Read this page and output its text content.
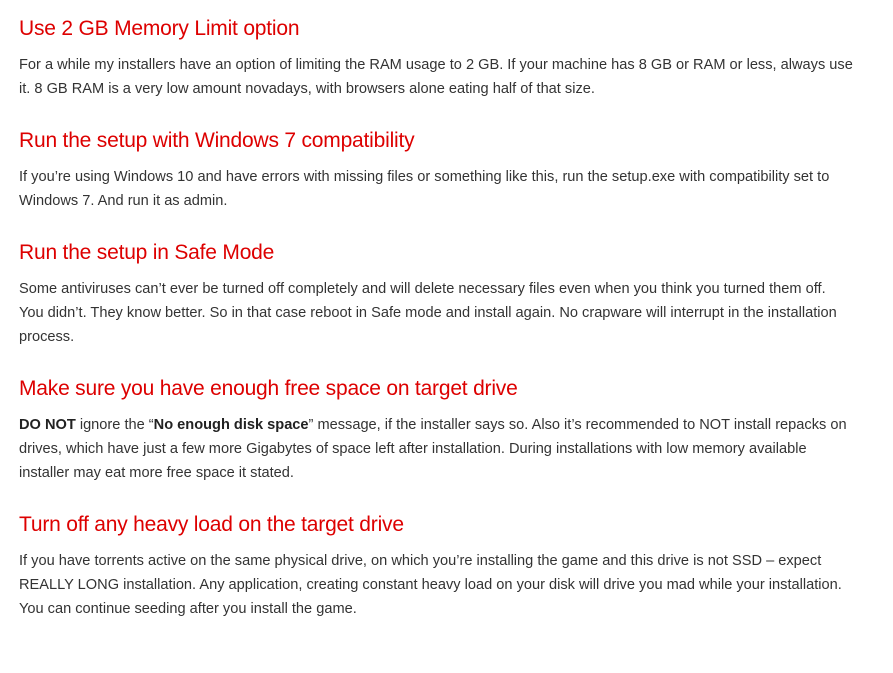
Use 2 GB Memory Limit option

For a while my installers have an option of limiting the RAM usage to 2 GB. If your machine has 8 GB or RAM or less, always use it. 8 GB RAM is a very low amount novadays, with browsers alone eating half of that size.

Run the setup with Windows 7 compatibility

If you’re using Windows 10 and have errors with missing files or something like this, run the setup.exe with compatibility set to Windows 7. And run it as admin.

Run the setup in Safe Mode

Some antiviruses can’t ever be turned off completely and will delete necessary files even when you think you turned them off. You didn’t. They know better. So in that case reboot in Safe mode and install again. No crapware will interrupt in the installation process.

Make sure you have enough free space on target drive

DO NOT ignore the “No enough disk space” message, if the installer says so. Also it’s recommended to NOT install repacks on drives, which have just a few more Gigabytes of space left after installation. During installations with low memory available installer may eat more free space it stated.

Turn off any heavy load on the target drive

If you have torrents active on the same physical drive, on which you’re installing the game and this drive is not SSD – expect REALLY LONG installation. Any application, creating constant heavy load on your disk will drive you mad while your installation. You can continue seeding after you install the game.
